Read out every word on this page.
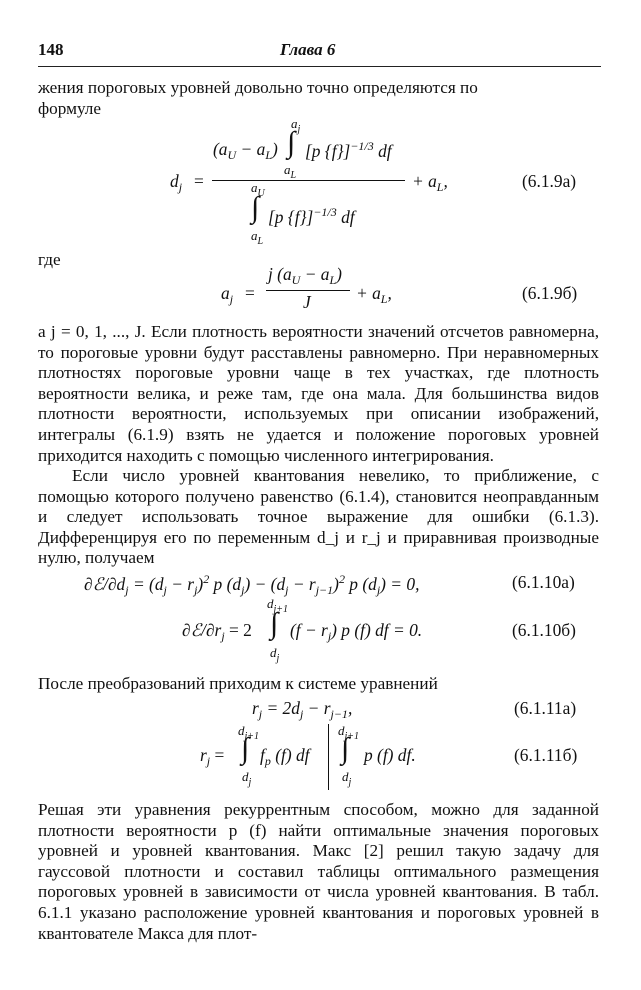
148	Глава 6

жения пороговых уровней довольно точно определяются по

формуле

$d_j$ =
$(a_U - a_L)$
$a_j$
∫
$a_L$
[p {f}]$^{-1/3}$ df
$a_U$
∫
$a_L$
[p {f}]$^{-1/3}$ df
+ $a_L$,	(6.1.9а)

где

$a_j$ =
j $(a_U - a_L)$
J	+ $a_L$,	(6.1.9б)

а j = 0, 1, ..., J. Если плотность вероятности значений отсчетов равномерна, то пороговые уровни будут расставлены равномерно. При неравномерных плотностях пороговые уровни чаще в тех участках, где плотность вероятности велика, и реже там, где она мала. Для большинства видов плотности вероятности, используемых при описании изображений, интегралы (6.1.9) взять не удается и положение пороговых уровней приходится находить с помощью численного интегрирования.

Если число уровней квантования невелико, то приближение, с помощью которого получено равенство (6.1.4), становится неоправданным и следует использовать точное выражение для ошибки (6.1.3). Дифференцируя его по переменным d_j и r_j и приравнивая производные нулю, получаем

$\partial ℰ/\partial d_j = (d_j - r_j)^2$ p $(d_j) - (d_j - r_{j-1})^2$ p $(d_j) = 0$,	(6.1.10а)
$\partial ℰ/\partial r_j = 2$
$d_{j+1}$
∫
$d_j$
$(f - r_j)$ p (f) df = 0.	(6.1.10б)

После преобразований приходим к системе уравнений

$r_j = 2d_j - r_{j-1}$,	(6.1.11а)
$r_j$ =
$d_{j+1}$
∫
$d_j$
$f_p$ (f) df
$d_{j+1}$
∫
$d_j$
p (f) df.	(6.1.11б)

Решая эти уравнения рекуррентным способом, можно для заданной плотности вероятности p (f) найти оптимальные значения пороговых уровней и уровней квантования. Макс [2] решил такую задачу для гауссовой плотности и составил таблицы оптимального размещения пороговых уровней в зависимости от числа уровней квантования. В табл. 6.1.1 указано расположение уровней квантования и пороговых уровней в квантователе Макса для плот-
